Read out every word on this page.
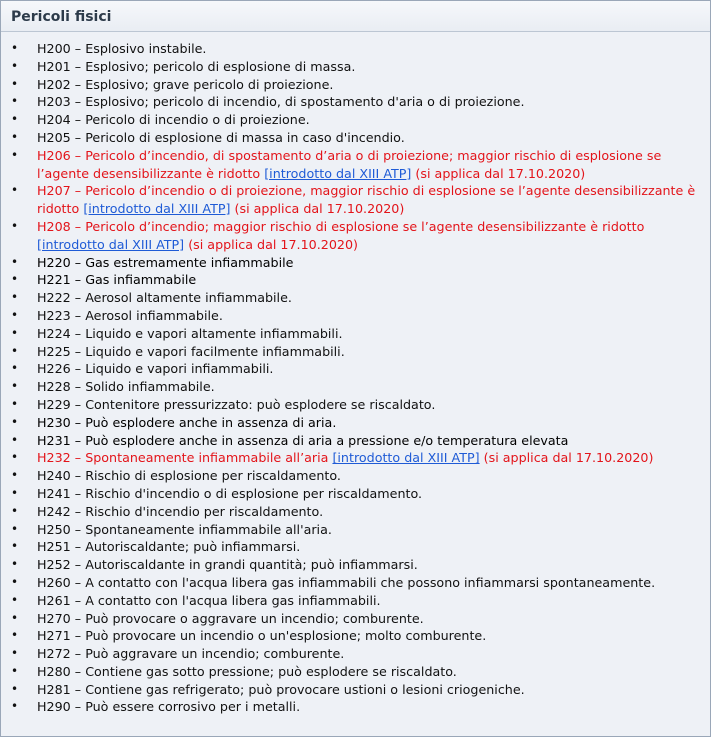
Pericoli fisici
• H200 – Esplosivo instabile.
• H201 – Esplosivo; pericolo di esplosione di massa.
• H202 – Esplosivo; grave pericolo di proiezione.
• H203 – Esplosivo; pericolo di incendio, di spostamento d'aria o di proiezione.
• H204 – Pericolo di incendio o di proiezione.
• H205 – Pericolo di esplosione di massa in caso d'incendio.
• H206 – Pericolo d’incendio, di spostamento d’aria o di proiezione; maggior rischio di esplosione se l’agente desensibilizzante è ridotto [introdotto dal XIII ATP] (si applica dal 17.10.2020)
• H207 – Pericolo d’incendio o di proiezione, maggior rischio di esplosione se l’agente desensibilizzante è ridotto [introdotto dal XIII ATP] (si applica dal 17.10.2020)
• H208 – Pericolo d’incendio; maggior rischio di esplosione se l’agente desensibilizzante è ridotto [introdotto dal XIII ATP] (si applica dal 17.10.2020)
• H220 – Gas estremamente infiammabile
• H221 – Gas infiammabile
• H222 – Aerosol altamente infiammabile.
• H223 – Aerosol infiammabile.
• H224 – Liquido e vapori altamente infiammabili.
• H225 – Liquido e vapori facilmente infiammabili.
• H226 – Liquido e vapori infiammabili.
• H228 – Solido infiammabile.
• H229 – Contenitore pressurizzato: può esplodere se riscaldato.
• H230 – Può esplodere anche in assenza di aria.
• H231 – Può esplodere anche in assenza di aria a pressione e/o temperatura elevata
• H232 – Spontaneamente infiammabile all’aria [introdotto dal XIII ATP] (si applica dal 17.10.2020)
• H240 – Rischio di esplosione per riscaldamento.
• H241 – Rischio d'incendio o di esplosione per riscaldamento.
• H242 – Rischio d'incendio per riscaldamento.
• H250 – Spontaneamente infiammabile all'aria.
• H251 – Autoriscaldante; può infiammarsi.
• H252 – Autoriscaldante in grandi quantità; può infiammarsi.
• H260 – A contatto con l'acqua libera gas infiammabili che possono infiammarsi spontaneamente.
• H261 – A contatto con l'acqua libera gas infiammabili.
• H270 – Può provocare o aggravare un incendio; comburente.
• H271 – Può provocare un incendio o un'esplosione; molto comburente.
• H272 – Può aggravare un incendio; comburente.
• H280 – Contiene gas sotto pressione; può esplodere se riscaldato.
• H281 – Contiene gas refrigerato; può provocare ustioni o lesioni criogeniche.
• H290 – Può essere corrosivo per i metalli.
